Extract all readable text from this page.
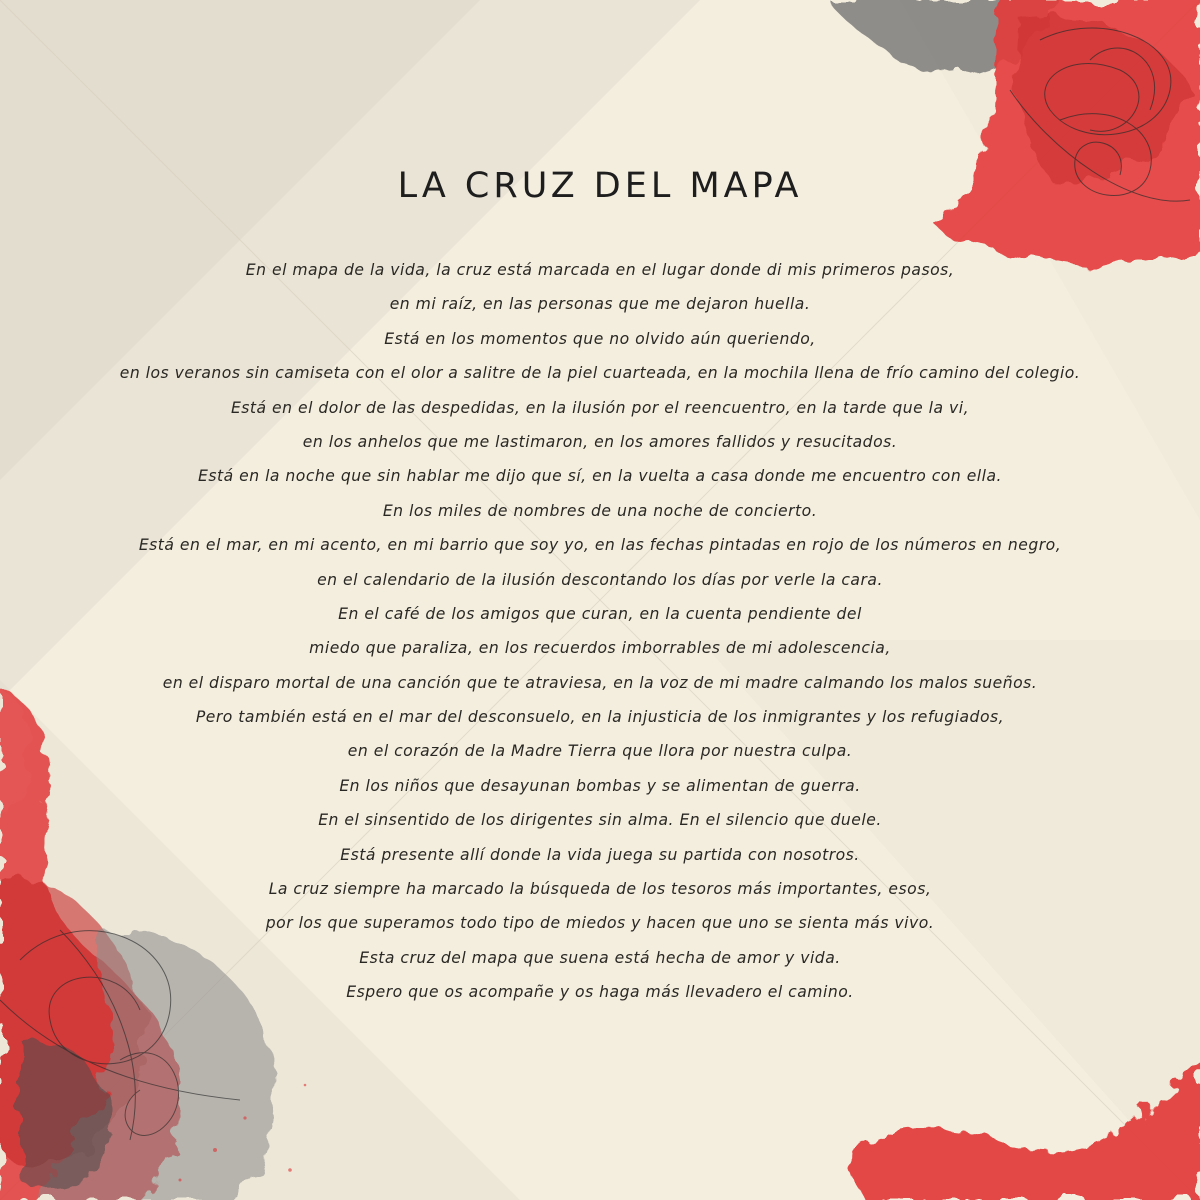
LA CRUZ DEL MAPA
En el mapa de la vida, la cruz está marcada en el lugar donde di mis primeros pasos,
en mi raíz, en las personas que me dejaron huella.
Está en los momentos que no olvido aún queriendo,
en los veranos sin camiseta con el olor a salitre de la piel cuarteada, en la mochila llena de frío camino del colegio.
Está en el dolor de las despedidas, en la ilusión por el reencuentro, en la tarde que la vi,
en los anhelos que me lastimaron, en los amores fallidos y resucitados.
Está en la noche que sin hablar me dijo que sí, en la vuelta a casa donde me encuentro con ella.
En los miles de nombres de una noche de concierto.
Está en el mar, en mi acento, en mi barrio que soy yo, en las fechas pintadas en rojo de los números en negro,
en el calendario de la ilusión descontando los días por verle la cara.
En el café de los amigos que curan, en la cuenta pendiente del
miedo que paraliza, en los recuerdos imborrables de mi adolescencia,
en el disparo mortal de una canción que te atraviesa, en la voz de mi madre calmando los malos sueños.
Pero también está en el mar del desconsuelo, en la injusticia de los inmigrantes y los refugiados,
en el corazón de la Madre Tierra que llora por nuestra culpa.
En los niños que desayunan bombas y se alimentan de guerra.
En el sinsentido de los dirigentes sin alma. En el silencio que duele.
Está presente allí donde la vida juega su partida con nosotros.
La cruz siempre ha marcado la búsqueda de los tesoros más importantes, esos,
por los que superamos todo tipo de miedos y hacen que uno se sienta más vivo.
Esta cruz del mapa que suena está hecha de amor y vida.
Espero que os acompañe y os haga más llevadero el camino.
